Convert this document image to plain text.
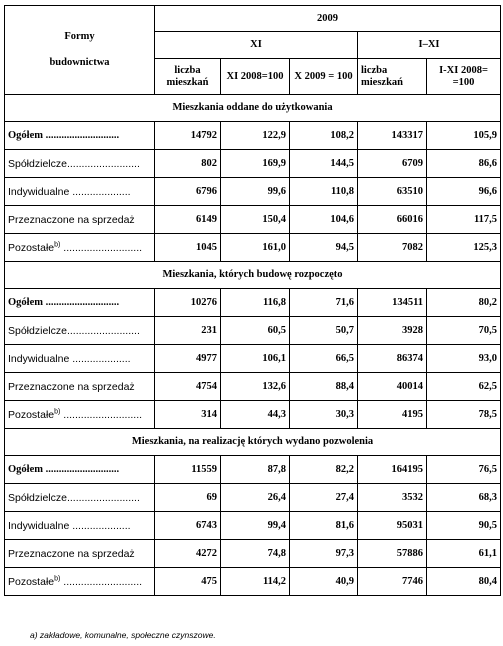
Formy
budownictwa	2009				
	XI			I–XI	
	liczba mieszkań	XI 2008=100	X 2009 = 100	liczba mieszkań	I-XI 2008= =100
Mieszkania oddane do użytkowania					
Ogółem ............................	14792	122,9	108,2	143317	105,9
Spółdzielcze.........................	802	169,9	144,5	6709	86,6
Indywidualne ....................	6796	99,6	110,8	63510	96,6
Przeznaczone na sprzedaż	6149	150,4	104,6	66016	117,5
Pozostałe$^{b)}$ ...........................	1045	161,0	94,5	7082	125,3
Mieszkania, których budowę rozpoczęto					
Ogółem ............................	10276	116,8	71,6	134511	80,2
Spółdzielcze.........................	231	60,5	50,7	3928	70,5
Indywidualne ....................	4977	106,1	66,5	86374	93,0
Przeznaczone na sprzedaż	4754	132,6	88,4	40014	62,5
Pozostałe$^{b)}$ ...........................	314	44,3	30,3	4195	78,5
Mieszkania, na realizację których wydano pozwolenia					
Ogółem ............................	11559	87,8	82,2	164195	76,5
Spółdzielcze.........................	69	26,4	27,4	3532	68,3
Indywidualne ....................	6743	99,4	81,6	95031	90,5
Przeznaczone na sprzedaż	4272	74,8	97,3	57886	61,1
Pozostałe$^{b)}$ ...........................	475	114,2	40,9	7746	80,4
a) zakładowe, komunalne, społeczne czynszowe.
